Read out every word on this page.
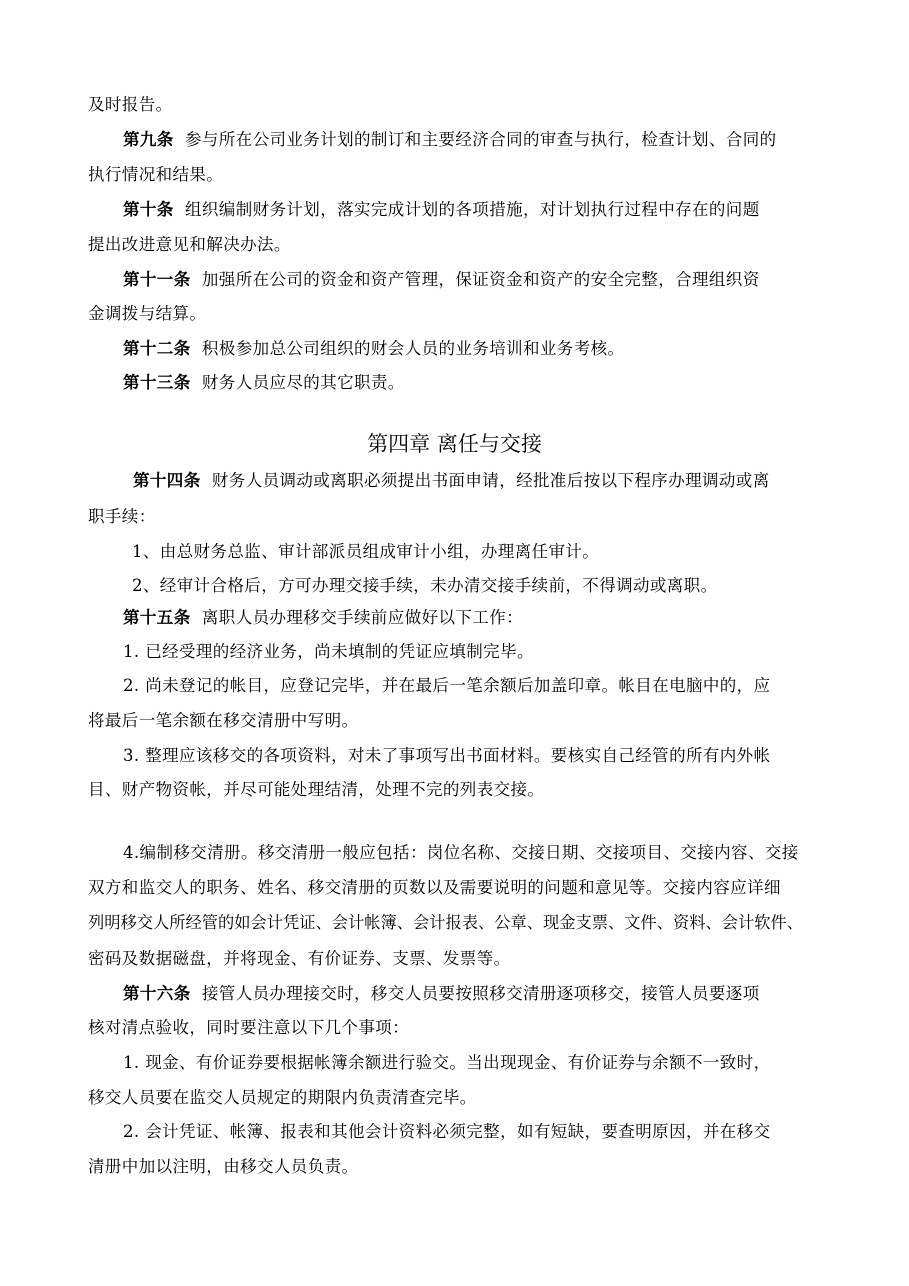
及时报告。
第九条 参与所在公司业务计划的制订和主要经济合同的审查与执行，检查计划、合同的
执行情况和结果。
第十条 组织编制财务计划，落实完成计划的各项措施，对计划执行过程中存在的问题
提出改进意见和解决办法。
第十一条 加强所在公司的资金和资产管理，保证资金和资产的安全完整，合理组织资
金调拨与结算。
第十二条 积极参加总公司组织的财会人员的业务培训和业务考核。
第十三条 财务人员应尽的其它职责。
第四章 离任与交接
第十四条 财务人员调动或离职必须提出书面申请，经批准后按以下程序办理调动或离
职手续：
1、由总财务总监、审计部派员组成审计小组，办理离任审计。
2、经审计合格后，方可办理交接手续，未办清交接手续前，不得调动或离职。
第十五条 离职人员办理移交手续前应做好以下工作：
1. 已经受理的经济业务，尚未填制的凭证应填制完毕。
2. 尚未登记的帐目，应登记完毕，并在最后一笔余额后加盖印章。帐目在电脑中的，应
将最后一笔余额在移交清册中写明。
3. 整理应该移交的各项资料，对未了事项写出书面材料。要核实自己经管的所有内外帐
目、财产物资帐，并尽可能处理结清，处理不完的列表交接。
4.编制移交清册。移交清册一般应包括：岗位名称、交接日期、交接项目、交接内容、交接
双方和监交人的职务、姓名、移交清册的页数以及需要说明的问题和意见等。交接内容应详细
列明移交人所经管的如会计凭证、会计帐簿、会计报表、公章、现金支票、文件、资料、会计软件、
密码及数据磁盘，并将现金、有价证券、支票、发票等。
第十六条 接管人员办理接交时，移交人员要按照移交清册逐项移交，接管人员要逐项
核对清点验收，同时要注意以下几个事项：
1. 现金、有价证券要根据帐簿余额进行验交。当出现现金、有价证券与余额不一致时，
移交人员要在监交人员规定的期限内负责清查完毕。
2. 会计凭证、帐簿、报表和其他会计资料必须完整，如有短缺，要查明原因，并在移交
清册中加以注明，由移交人员负责。
